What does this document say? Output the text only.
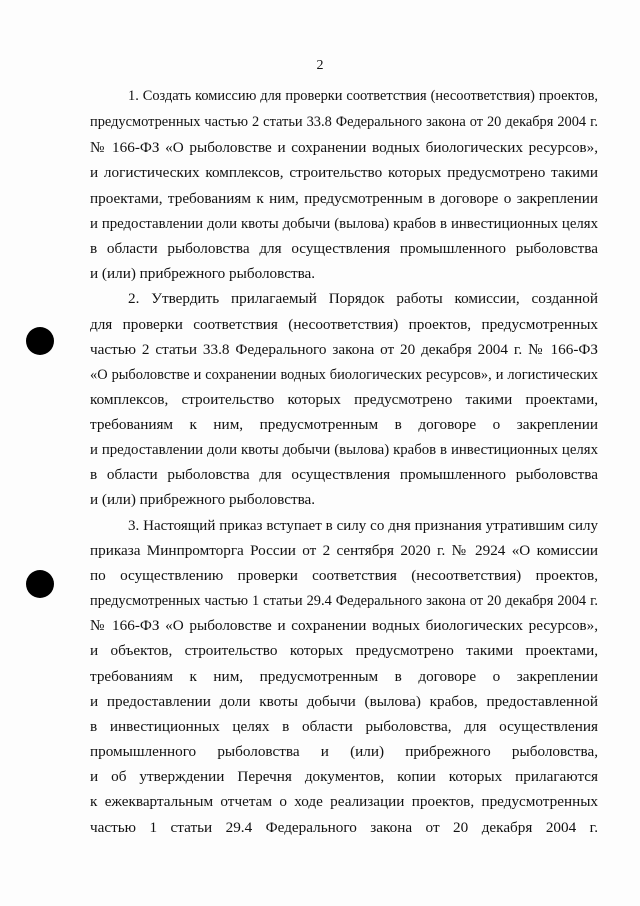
2
1. Создать комиссию для проверки соответствия (несоответствия) проектов,
предусмотренных частью 2 статьи 33.8 Федерального закона от 20 декабря 2004 г.
№ 166-ФЗ «О рыболовстве и сохранении водных биологических ресурсов»,
и логистических комплексов, строительство которых предусмотрено такими
проектами, требованиям к ним, предусмотренным в договоре о закреплении
и предоставлении доли квоты добычи (вылова) крабов в инвестиционных целях
в области рыболовства для осуществления промышленного рыболовства
и (или) прибрежного рыболовства.
2. Утвердить прилагаемый Порядок работы комиссии, созданной
для проверки соответствия (несоответствия) проектов, предусмотренных
частью 2 статьи 33.8 Федерального закона от 20 декабря 2004 г. № 166-ФЗ
«О рыболовстве и сохранении водных биологических ресурсов», и логистических
комплексов, строительство которых предусмотрено такими проектами,
требованиям к ним, предусмотренным в договоре о закреплении
и предоставлении доли квоты добычи (вылова) крабов в инвестиционных целях
в области рыболовства для осуществления промышленного рыболовства
и (или) прибрежного рыболовства.
3. Настоящий приказ вступает в силу со дня признания утратившим силу
приказа Минпромторга России от 2 сентября 2020 г. № 2924 «О комиссии
по осуществлению проверки соответствия (несоответствия) проектов,
предусмотренных частью 1 статьи 29.4 Федерального закона от 20 декабря 2004 г.
№ 166-ФЗ «О рыболовстве и сохранении водных биологических ресурсов»,
и объектов, строительство которых предусмотрено такими проектами,
требованиям к ним, предусмотренным в договоре о закреплении
и предоставлении доли квоты добычи (вылова) крабов, предоставленной
в инвестиционных целях в области рыболовства, для осуществления
промышленного рыболовства и (или) прибрежного рыболовства,
и об утверждении Перечня документов, копии которых прилагаются
к ежеквартальным отчетам о ходе реализации проектов, предусмотренных
частью 1 статьи 29.4 Федерального закона от 20 декабря 2004 г.
